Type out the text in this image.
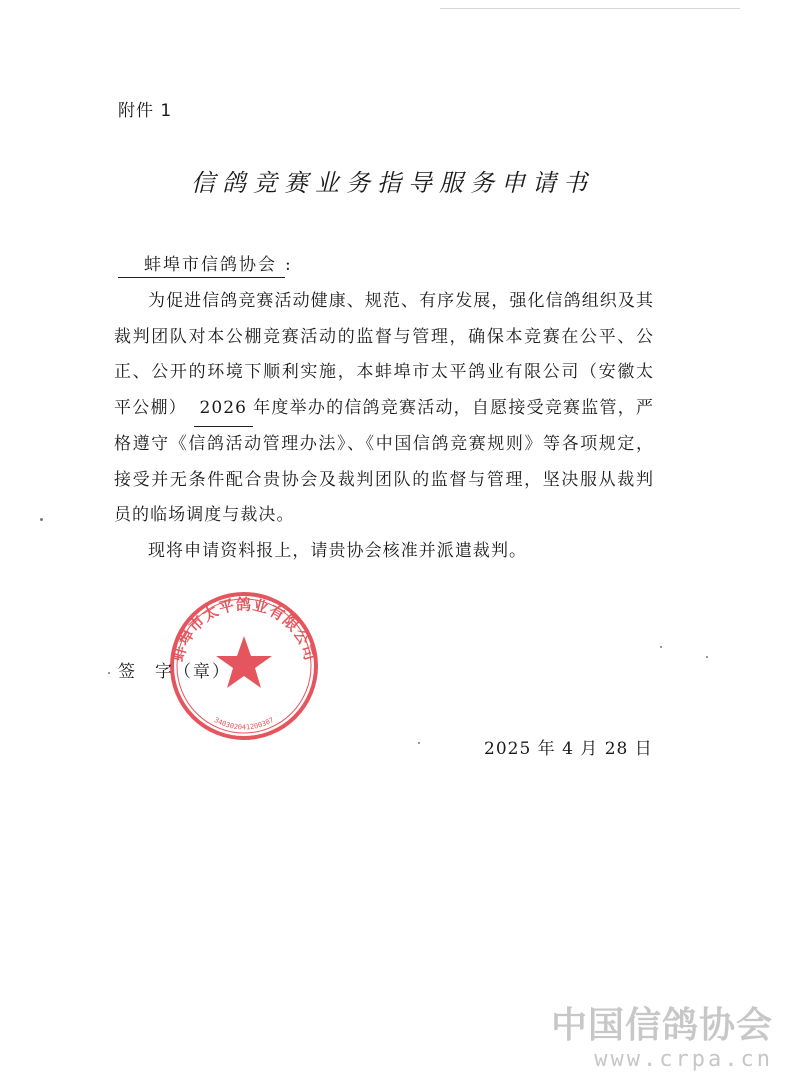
附件 1
信鸽竞赛业务指导服务申请书
蚌埠市信鸽协会 :

为促进信鸽竞赛活动健康、规范、有序发展，强化信鸽组织及其裁判团队对本公棚竞赛活动的监督与管理，确保本竞赛在公平、公正、公开的环境下顺利实施，本蚌埠市太平鸽业有限公司（安徽太平公棚） 2026 年度举办的信鸽竞赛活动，自愿接受竞赛监管，严格遵守《信鸽活动管理办法》、《中国信鸽竞赛规则》等各项规定，接受并无条件配合贵协会及裁判团队的监督与管理，坚决服从裁判员的临场调度与裁决。

现将申请资料报上，请贵协会核准并派遣裁判。

蚌埠市太平鸽业有限公司
340302041200307
签 字（章）
2025 年 4 月 28 日
中国信鸽协会
www.crpa.cn
